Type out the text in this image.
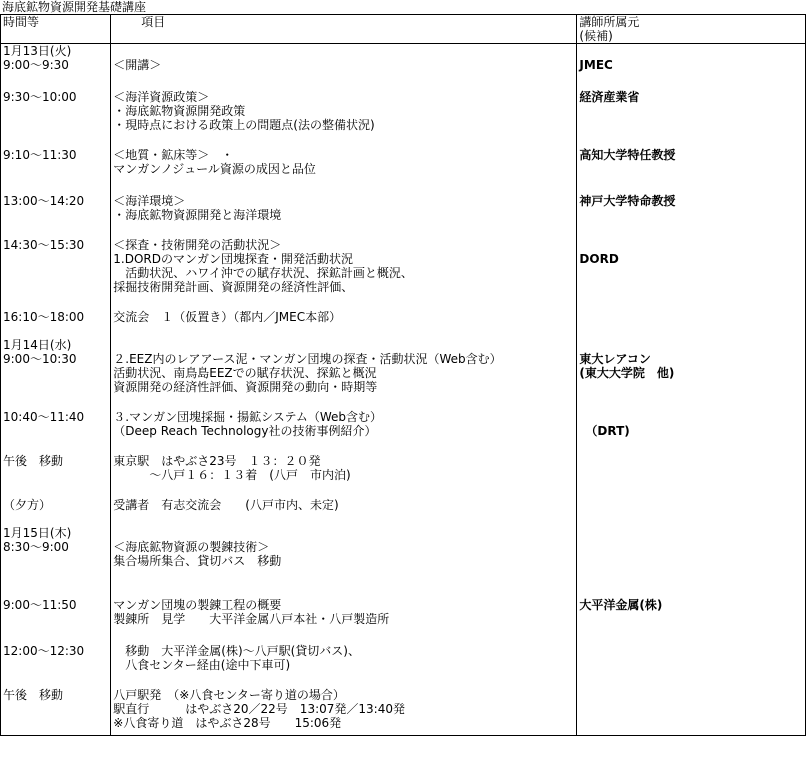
海底鉱物資源開発基礎講座
時間等	項目	講師所属元
(候補)

1月13日(火)
9:00～9:30	＜開講＞	JMEC

9:30～10:00	＜海洋資源政策＞
・海底鉱物資源開発政策
・現時点における政策上の問題点(法の整備状況)	経済産業省

9:10～11:30	＜地質・鉱床等＞　・
マンガンノジュール資源の成因と品位	高知大学特任教授

13:00～14:20	＜海洋環境＞
・海底鉱物資源開発と海洋環境	神戸大学特命教授

14:30～15:30	＜探査・技術開発の活動状況＞
1.DORDのマンガン団塊探査・開発活動状況
活動状況、ハワイ沖での賦存状況、探鉱計画と概況、
採掘技術開発計画、資源開発の経済性評価、	DORD

16:10～18:00	交流会　１（仮置き）（都内／JMEC本部）	

1月14日(水)
9:00～10:30	２.EEZ内のレアアース泥・マンガン団塊の探査・活動状況（Web含む）
活動状況、南鳥島EEZでの賦存状況、探鉱と概況
資源開発の経済性評価、資源開発の動向・時期等	東大レアコン
(東大大学院　他)

10:40～11:40	３.マンガン団塊採掘・揚鉱システム（Web含む）
（Deep Reach Technology社の技術事例紹介）	（DRT)

午後　移動	東京駅　はやぶさ23号　１３：２０発
～八戸１６：１３着　(八戸　市内泊)	

（夕方）	受講者　有志交流会　　(八戸市内、未定)	

1月15日(木)
8:30～9:00	＜海底鉱物資源の製錬技術＞
集合場所集合、貸切バス　移動	

9:00～11:50	マンガン団塊の製錬工程の概要
製錬所　見学　　大平洋金属八戸本社・八戸製造所	大平洋金属(株)

12:00～12:30	移動　大平洋金属(株)～八戸駅(貸切バス)、
八食センター経由(途中下車可)	

午後　移動	八戸駅発　（※八食センター寄り道の場合）
駅直行　　　はやぶさ20／22号　13:07発／13:40発
※八食寄り道　はやぶさ28号　　15:06発	
